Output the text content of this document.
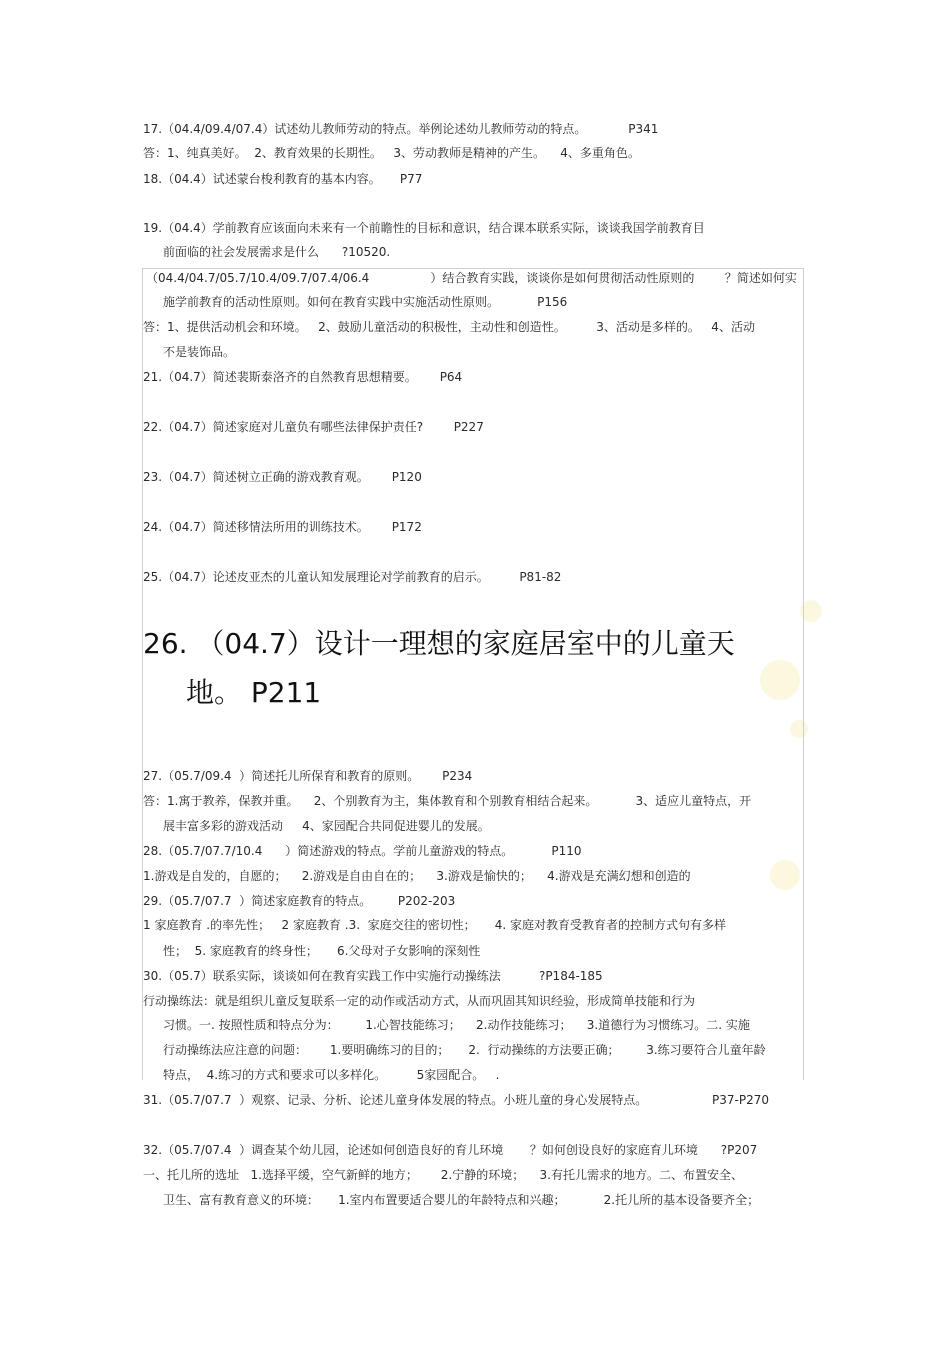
17.（04.4/09.4/07.4）试述幼儿教师劳动的特点。举例论述幼儿教师劳动的特点。           P341
答：1、纯真美好。  2、教育效果的长期性。   3、劳动教师是精神的产生。    4、多重角色。
18.（04.4）试述蒙台梭利教育的基本内容。     P77
19.（04.4）学前教育应该面向未来有一个前瞻性的目标和意识，结合课本联系实际，谈谈我国学前教育目
前面临的社会发展需求是什么      ?10520.
（04.4/04.7/05.7/10.4/09.7/07.4/06.4                ）结合教育实践，谈谈你是如何贯彻活动性原则的        ？简述如何实
施学前教育的活动性原则。如何在教育实践中实施活动性原则。          P156
答：1、提供活动机会和环境。   2、鼓励儿童活动的积极性，主动性和创造性。        3、活动是多样的。   4、活动
不是装饰品。
21.（04.7）简述裴斯泰洛齐的自然教育思想精要。      P64
22.（04.7）简述家庭对儿童负有哪些法律保护责任?        P227
23.（04.7）简述树立正确的游戏教育观。      P120
24.（04.7）简述移情法所用的训练技术。      P172
25.（04.7）论述皮亚杰的儿童认知发展理论对学前教育的启示。        P81-82
26. （04.7）设计一理想的家庭居室中的儿童天
地。 P211
27.（05.7/09.4  ）简述托儿所保育和教育的原则。      P234
答：1.寓于教养，保教并重。    2、个别教育为主，集体教育和个别教育相结合起来。          3、适应儿童特点，开
展丰富多彩的游戏活动     4、家园配合共同促进婴儿的发展。
28.（05.7/07.7/10.4      ）简述游戏的特点。学前儿童游戏的特点。          P110
1.游戏是自发的，自愿的；    2.游戏是自由自在的；    3.游戏是愉快的；    4.游戏是充满幻想和创造的
29.（05.7/07.7  ）简述家庭教育的特点。       P202-203
1 家庭教育 .的率先性；   2 家庭教育 .3.  家庭交往的密切性；     4. 家庭对教育受教育者的控制方式句有多样
性；  5. 家庭教育的终身性；     6.父母对子女影响的深刻性
30.（05.7）联系实际，谈谈如何在教育实践工作中实施行动操练法          ?P184-185
行动操练法：就是组织儿童反复联系一定的动作或活动方式，从而巩固其知识经验，形成简单技能和行为
习惯。一. 按照性质和特点分为：       1.心智技能练习；    2.动作技能练习；    3.道德行为习惯练习。二. 实施
行动操练法应注意的问题：      1.要明确练习的目的；     2.  行动操练的方法要正确；       3.练习要符合儿童年龄
特点，  4.练习的方式和要求可以多样化。        5家园配合。   .
31.（05.7/07.7  ）观察、记录、分析、论述儿童身体发展的特点。小班儿童的身心发展特点。                 P37-P270
32.（05.7/07.4  ）调查某个幼儿园，论述如何创造良好的育儿环境       ？如何创设良好的家庭育儿环境      ?P207
一、托儿所的选址   1.选择平缓，空气新鲜的地方；      2.宁静的环境；    3.有托儿需求的地方。二、布置安全、
卫生、富有教育意义的环境：     1.室内布置要适合婴儿的年龄特点和兴趣；          2.托儿所的基本设备要齐全；
